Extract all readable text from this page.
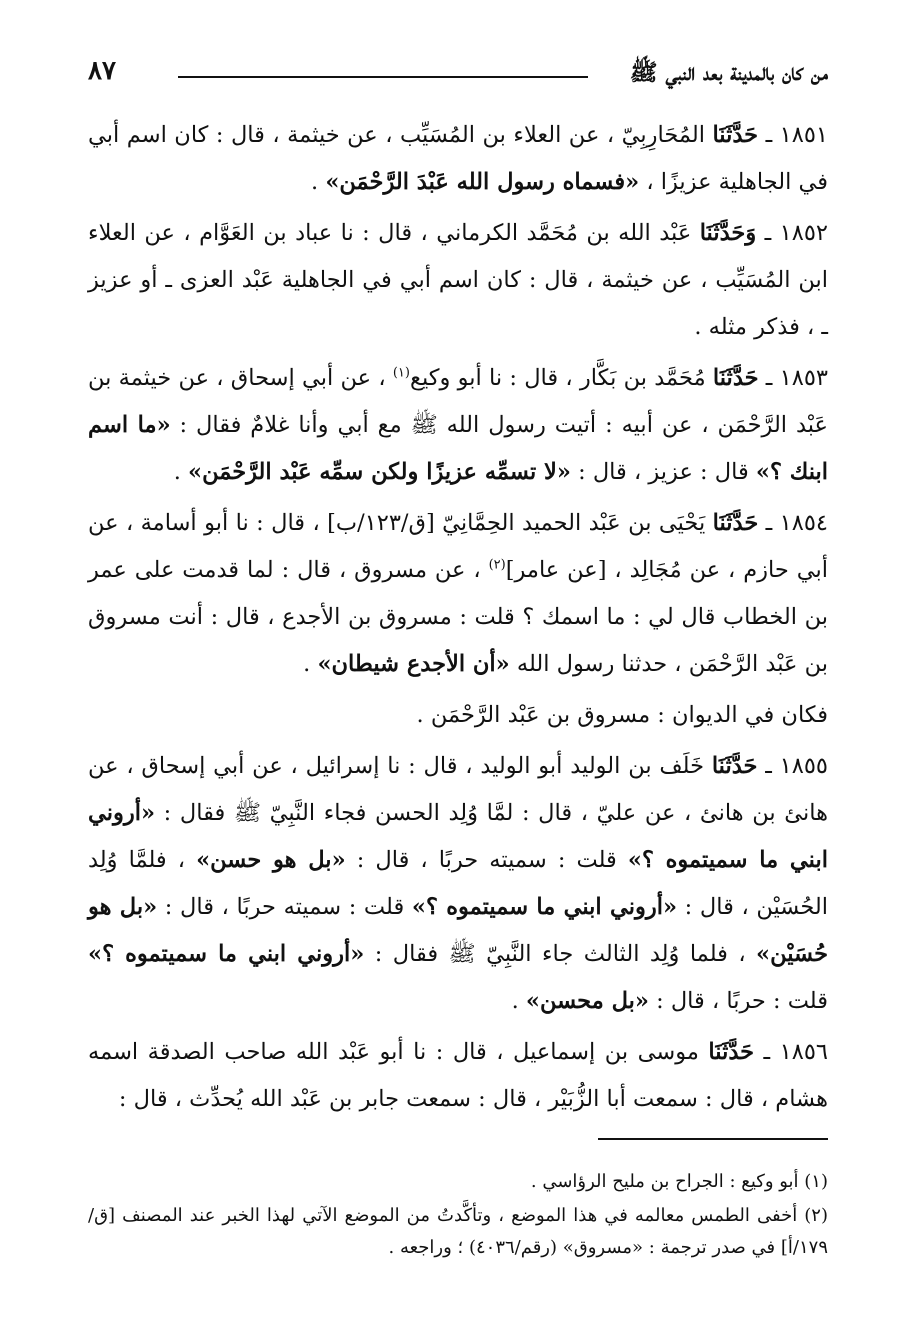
من كان بالمدينة بعد النبي ﷺ
٨٧

١٨٥١ ـ حَدَّثَنَا المُحَارِبِيّ ، عن العلاء بن المُسَيِّب ، عن خيثمة ، قال : كان اسم أبي في الجاهلية عزيزًا ، «فسماه رسول الله عَبْدَ الرَّحْمَن» .

١٨٥٢ ـ وَحَدَّثَنَا عَبْد الله بن مُحَمَّد الكرماني ، قال : نا عباد بن العَوَّام ، عن العلاء ابن المُسَيِّب ، عن خيثمة ، قال : كان اسم أبي في الجاهلية عَبْد العزى ـ أو عزيز ـ ، فذكر مثله .

١٨٥٣ ـ حَدَّثَنَا مُحَمَّد بن بَكَّار ، قال : نا أبو وكيع$^{(١)}$ ، عن أبي إسحاق ، عن خيثمة بن عَبْد الرَّحْمَن ، عن أبيه : أتيت رسول الله ﷺ مع أبي وأنا غلامٌ فقال : «ما اسم ابنك ؟» قال : عزيز ، قال : «لا تسمِّه عزيزًا ولكن سمِّه عَبْد الرَّحْمَن» .

١٨٥٤ ـ حَدَّثَنَا يَحْيَى بن عَبْد الحميد الحِمَّانِيّ [ق/١٢٣/ب] ، قال : نا أبو أسامة ، عن أبي حازم ، عن مُجَالِد ، [عن عامر]$^{(٢)}$ ، عن مسروق ، قال : لما قدمت على عمر بن الخطاب قال لي : ما اسمك ؟ قلت : مسروق بن الأجدع ، قال : أنت مسروق بن عَبْد الرَّحْمَن ، حدثنا رسول الله «أن الأجدع شيطان» .

فكان في الديوان : مسروق بن عَبْد الرَّحْمَن .

١٨٥٥ ـ حَدَّثَنَا خَلَف بن الوليد أبو الوليد ، قال : نا إسرائيل ، عن أبي إسحاق ، عن هانئ بن هانئ ، عن عليّ ، قال : لمَّا وُلِد الحسن فجاء النَّبِيّ ﷺ فقال : «أروني ابني ما سميتموه ؟» قلت : سميته حربًا ، قال : «بل هو حسن» ، فلمَّا وُلِد الحُسَيْن ، قال : «أروني ابني ما سميتموه ؟» قلت : سميته حربًا ، قال : «بل هو حُسَيْن» ، فلما وُلِد الثالث جاء النَّبِيّ ﷺ فقال : «أروني ابني ما سميتموه ؟» قلت : حربًا ، قال : «بل محسن» .

١٨٥٦ ـ حَدَّثَنَا موسى بن إسماعيل ، قال : نا أبو عَبْد الله صاحب الصدقة اسمه هشام ، قال : سمعت أبا الزُّبَيْر ، قال : سمعت جابر بن عَبْد الله يُحدِّث ، قال :

(١) أبو وكيع : الجراح بن مليح الرؤاسي .

(٢) أخفى الطمس معالمه في هذا الموضع ، وتأكَّدتُ من الموضع الآتي لهذا الخبر عند المصنف [ق/١٧٩/أ] في صدر ترجمة : «مسروق» (رقم/٤٠٣٦) ؛ وراجعه .
